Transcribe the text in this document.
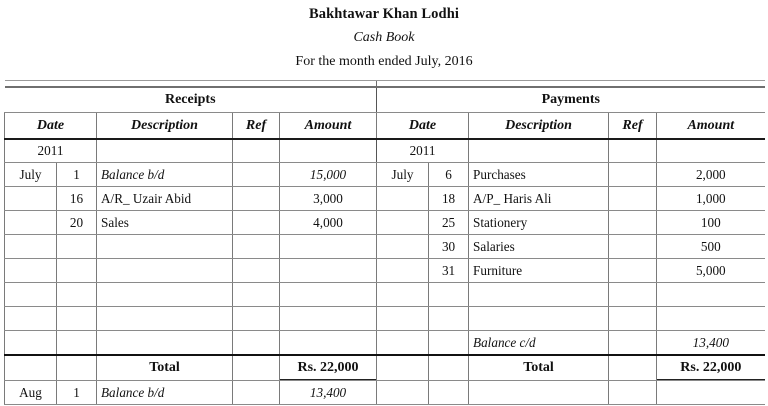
Bakhtawar Khan Lodhi
Cash Book
For the month ended July, 2016

Receipts					Payments				
Date		Description	Ref	Amount	Date		Description	Ref	Amount
2011					2011				
July	1	Balance b/d		15,000	July	6	Purchases		2,000
	16	A/R_ Uzair Abid		3,000		18	A/P_ Haris Ali		1,000
	20	Sales		4,000		25	Stationery		100
						30	Salaries		500
						31	Furniture		5,000

							Balance c/d		13,400
		Total		Rs. 22,000			Total		Rs. 22,000
Aug	1	Balance b/d		13,400					
